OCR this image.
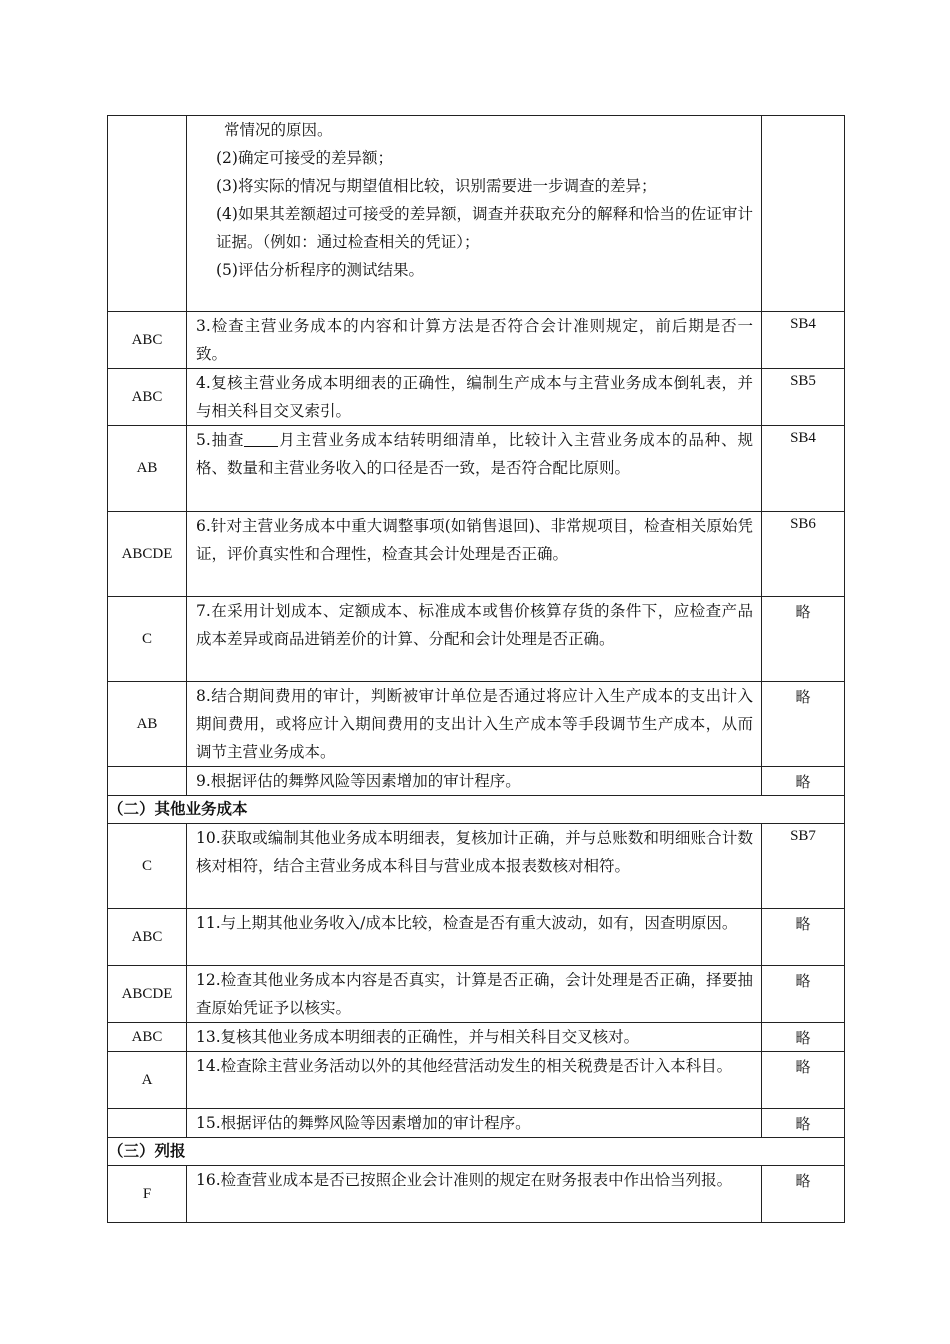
	常情况的原因。

(2)确定可接受的差异额；

(3)将实际的情况与期望值相比较，识别需要进一步调查的差异；

(4)如果其差额超过可接受的差异额，调查并获取充分的解释和恰当的佐证审计证据。（例如：通过检查相关的凭证）；

(5)评估分析程序的测试结果。	

ABC	3.检查主营业务成本的内容和计算方法是否符合会计准则规定，前后期是否一致。	SB4
ABC	4.复核主营业务成本明细表的正确性，编制生产成本与主营业务成本倒轧表，并与相关科目交叉索引。	SB5
AB	5.抽查 月主营业务成本结转明细清单，比较计入主营业务成本的品种、规格、数量和主营业务收入的口径是否一致，是否符合配比原则。	SB4
ABCDE	6.针对主营业务成本中重大调整事项(如销售退回)、非常规项目，检查相关原始凭证，评价真实性和合理性，检查其会计处理是否正确。	SB6
C	7.在采用计划成本、定额成本、标准成本或售价核算存货的条件下，应检查产品成本差异或商品进销差价的计算、分配和会计处理是否正确。	略
AB	8.结合期间费用的审计，判断被审计单位是否通过将应计入生产成本的支出计入期间费用，或将应计入期间费用的支出计入生产成本等手段调节生产成本，从而调节主营业务成本。	略
	9.根据评估的舞弊风险等因素增加的审计程序。	略
（二）其他业务成本		
C	10.获取或编制其他业务成本明细表，复核加计正确，并与总账数和明细账合计数核对相符，结合主营业务成本科目与营业成本报表数核对相符。	SB7
ABC	11.与上期其他业务收入/成本比较，检查是否有重大波动，如有，因查明原因。	略
ABCDE	12.检查其他业务成本内容是否真实，计算是否正确，会计处理是否正确，择要抽查原始凭证予以核实。	略
ABC	13.复核其他业务成本明细表的正确性，并与相关科目交叉核对。	略
A	14.检查除主营业务活动以外的其他经营活动发生的相关税费是否计入本科目。	略
	15.根据评估的舞弊风险等因素增加的审计程序。	略
（三）列报		
F	16.检查营业成本是否已按照企业会计准则的规定在财务报表中作出恰当列报。	略
